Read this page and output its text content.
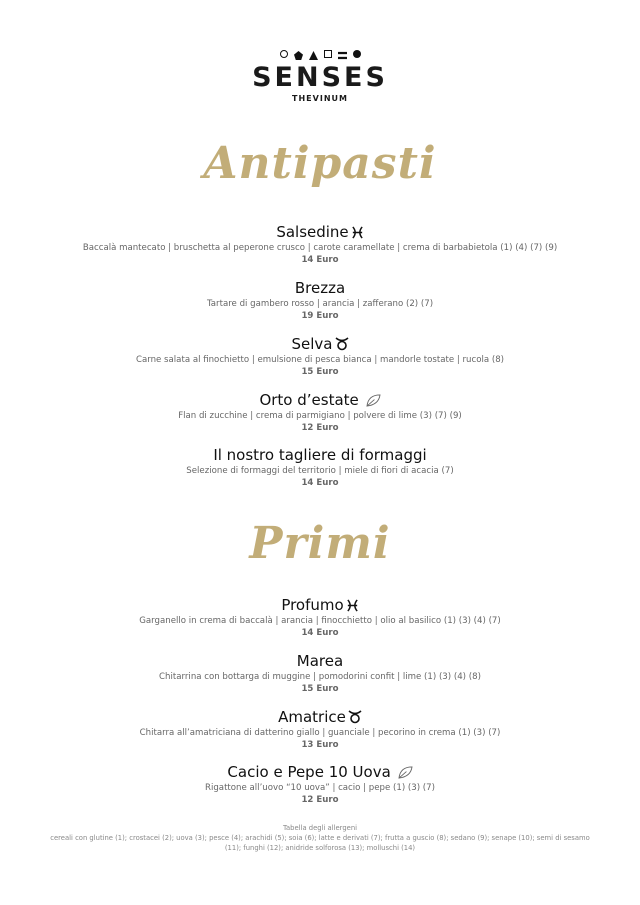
SENSES
THEVINUM
Antipasti
Salsedine
Baccalà mantecato | bruschetta al peperone crusco | carote caramellate | crema di barbabietola (1) (4) (7) (9)
14 Euro
Brezza
Tartare di gambero rosso | arancia | zafferano (2) (7)
19 Euro
Selva
Carne salata al finochietto | emulsione di pesca bianca | mandorle tostate | rucola (8)
15 Euro
Orto d’estate
Flan di zucchine | crema di parmigiano | polvere di lime (3) (7) (9)
12 Euro
Il nostro tagliere di formaggi
Selezione di formaggi del territorio | miele di fiori di acacia (7)
14 Euro
Primi
Profumo
Garganello in crema di baccalà | arancia | finocchietto | olio al basilico (1) (3) (4) (7)
14 Euro
Marea
Chitarrina con bottarga di muggine | pomodorini confit | lime (1) (3) (4) (8)
15 Euro
Amatrice
Chitarra all’amatriciana di datterino giallo | guanciale | pecorino in crema (1) (3) (7)
13 Euro
Cacio e Pepe 10 Uova
Rigattone all’uovo “10 uova” | cacio | pepe (1) (3) (7)
12 Euro
Tabella degli allergeni
cereali con glutine (1); crostacei (2); uova (3); pesce (4); arachidi (5); soia (6); latte e derivati (7); frutta a guscio (8); sedano (9); senape (10); semi di sesamo (11); funghi (12); anidride solforosa (13); molluschi (14)
